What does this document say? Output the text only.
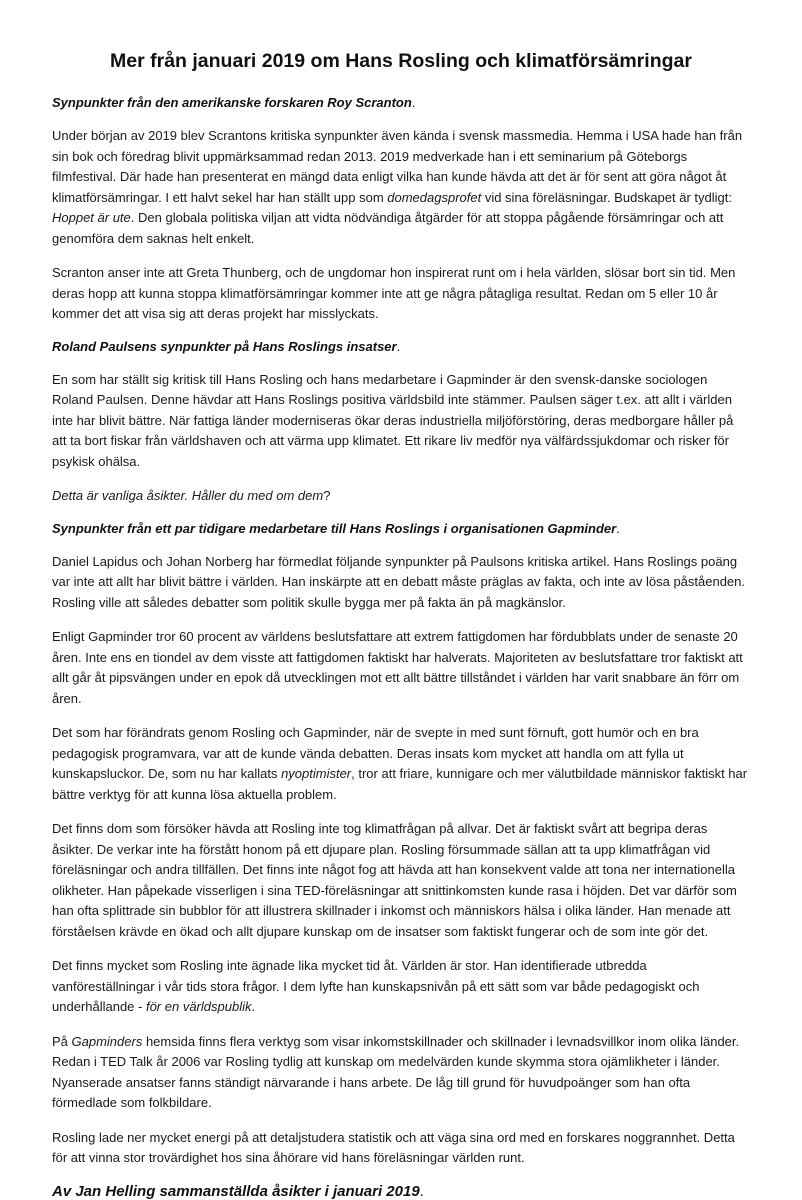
Mer från januari 2019 om Hans Rosling och klimatförsämringar
Synpunkter från den amerikanske forskaren Roy Scranton.

Under början av 2019 blev Scrantons kritiska synpunkter även kända i svensk massmedia. Hemma i USA hade han från sin bok och föredrag blivit uppmärksammad redan 2013. 2019 medverkade han i ett seminarium på Göteborgs filmfestival. Där hade han presenterat en mängd data enligt vilka han kunde hävda att det är för sent att göra något åt klimatförsämringar. I ett halvt sekel har han ställt upp som domedagsprofet vid sina föreläsningar. Budskapet är tydligt: Hoppet är ute. Den globala politiska viljan att vidta nödvändiga åtgärder för att stoppa pågående försämringar och att genomföra dem saknas helt enkelt.

Scranton anser inte att Greta Thunberg, och de ungdomar hon inspirerat runt om i hela världen, slösar bort sin tid. Men deras hopp att kunna stoppa klimatförsämringar kommer inte att ge några påtagliga resultat. Redan om 5 eller 10 år kommer det att visa sig att deras projekt har misslyckats.

Roland Paulsens synpunkter på Hans Roslings insatser.

En som har ställt sig kritisk till Hans Rosling och hans medarbetare i Gapminder är den svensk-danske sociologen Roland Paulsen. Denne hävdar att Hans Roslings positiva världsbild inte stämmer. Paulsen säger t.ex. att allt i världen inte har blivit bättre. När fattiga länder moderniseras ökar deras industriella miljöförstöring, deras medborgare håller på att ta bort fiskar från världshaven och att värma upp klimatet. Ett rikare liv medför nya välfärdssjukdomar och risker för psykisk ohälsa.

Detta är vanliga åsikter. Håller du med om dem?

Synpunkter från ett par tidigare medarbetare till Hans Roslings i organisationen Gapminder.

Daniel Lapidus och Johan Norberg har förmedlat följande synpunkter på Paulsons kritiska artikel. Hans Roslings poäng var inte att allt har blivit bättre i världen. Han inskärpte att en debatt måste präglas av fakta, och inte av lösa påståenden. Rosling ville att således debatter som politik skulle bygga mer på fakta än på magkänslor.

Enligt Gapminder tror 60 procent av världens beslutsfattare att extrem fattigdomen har fördubblats under de senaste 20 åren. Inte ens en tiondel av dem visste att fattigdomen faktiskt har halverats. Majoriteten av beslutsfattare tror faktiskt att allt går åt pipsvängen under en epok då utvecklingen mot ett allt bättre tillståndet i världen har varit snabbare än förr om åren.

Det som har förändrats genom Rosling och Gapminder, när de svepte in med sunt förnuft, gott humör och en bra pedagogisk programvara, var att de kunde vända debatten. Deras insats kom mycket att handla om att fylla ut kunskapsluckor. De, som nu har kallats nyoptimister, tror att friare, kunnigare och mer välutbildade människor faktiskt har bättre verktyg för att kunna lösa aktuella problem.

Det finns dom som försöker hävda att Rosling inte tog klimatfrågan på allvar. Det är faktiskt svårt att begripa deras åsikter. De verkar inte ha förstått honom på ett djupare plan. Rosling försummade sällan att ta upp klimatfrågan vid föreläsningar och andra tillfällen. Det finns inte något fog att hävda att han konsekvent valde att tona ner internationella olikheter. Han påpekade visserligen i sina TED-föreläsningar att snittinkomsten kunde rasa i höjden. Det var därför som han ofta splittrade sin bubblor för att illustrera skillnader i inkomst och människors hälsa i olika länder. Han menade att förståelsen krävde en ökad och allt djupare kunskap om de insatser som faktiskt fungerar och de som inte gör det.

Det finns mycket som Rosling inte ägnade lika mycket tid åt. Världen är stor. Han identifierade utbredda vanföreställningar i vår tids stora frågor. I dem lyfte han kunskapsnivån på ett sätt som var både pedagogiskt och underhållande - för en världspublik.

På Gapminders hemsida finns flera verktyg som visar inkomstskillnader och skillnader i levnadsvillkor inom olika länder. Redan i TED Talk år 2006 var Rosling tydlig att kunskap om medelvärden kunde skymma stora ojämlikheter i länder. Nyanserade ansatser fanns ständigt närvarande i hans arbete. De låg till grund för huvudpoänger som han ofta förmedlade som folkbildare.

Rosling lade ner mycket energi på att detaljstudera statistik och att väga sina ord med en forskares noggrannhet. Detta för att vinna stor trovärdighet hos sina åhörare vid hans föreläsningar världen runt.

Av Jan Helling sammanställda åsikter i januari 2019.
